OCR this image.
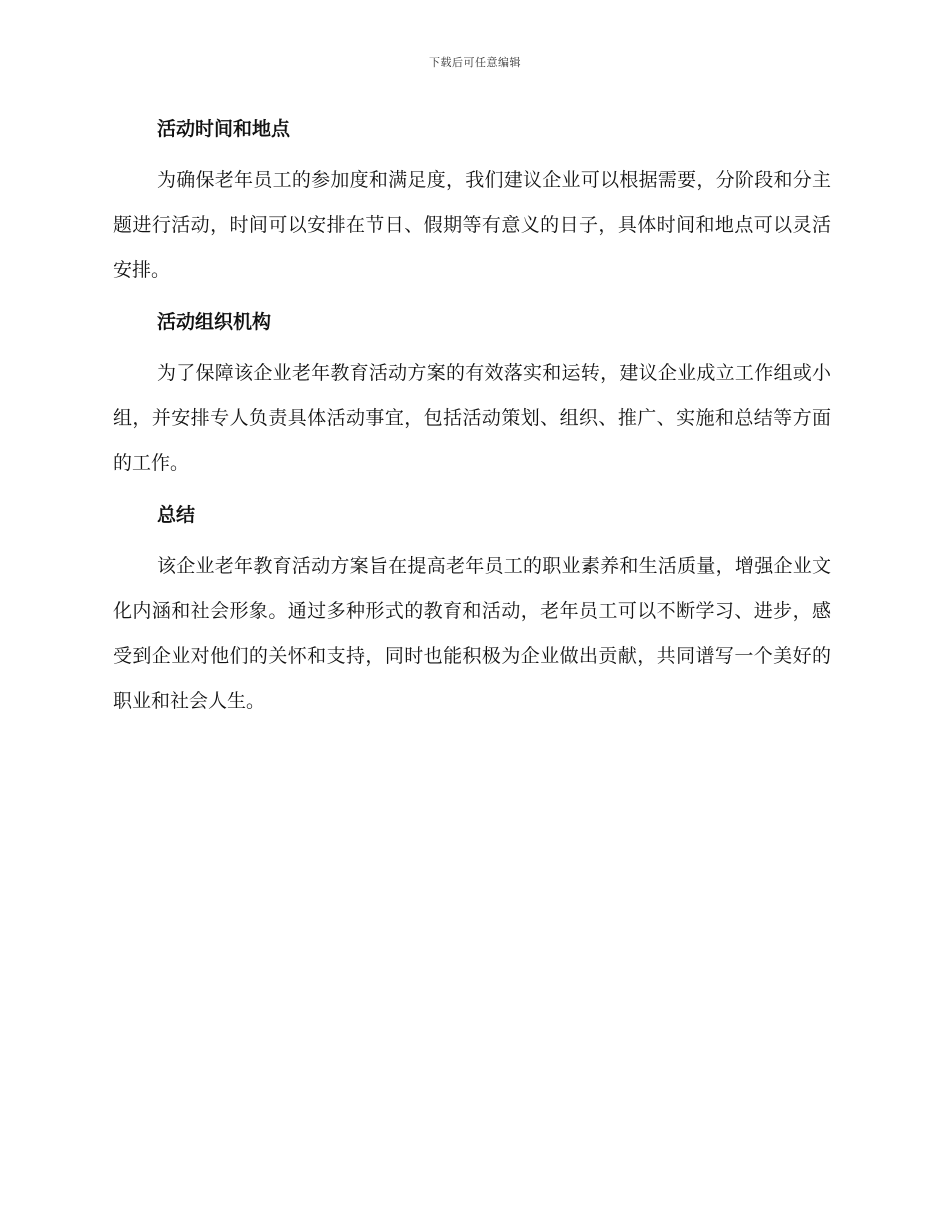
下载后可任意编辑
活动时间和地点

为确保老年员工的参加度和满足度，我们建议企业可以根据需要，分阶段和分主题进行活动，时间可以安排在节日、假期等有意义的日子，具体时间和地点可以灵活安排。

活动组织机构

为了保障该企业老年教育活动方案的有效落实和运转，建议企业成立工作组或小组，并安排专人负责具体活动事宜，包括活动策划、组织、推广、实施和总结等方面的工作。

总结

该企业老年教育活动方案旨在提高老年员工的职业素养和生活质量，增强企业文化内涵和社会形象。通过多种形式的教育和活动，老年员工可以不断学习、进步，感受到企业对他们的关怀和支持，同时也能积极为企业做出贡献，共同谱写一个美好的职业和社会人生。
